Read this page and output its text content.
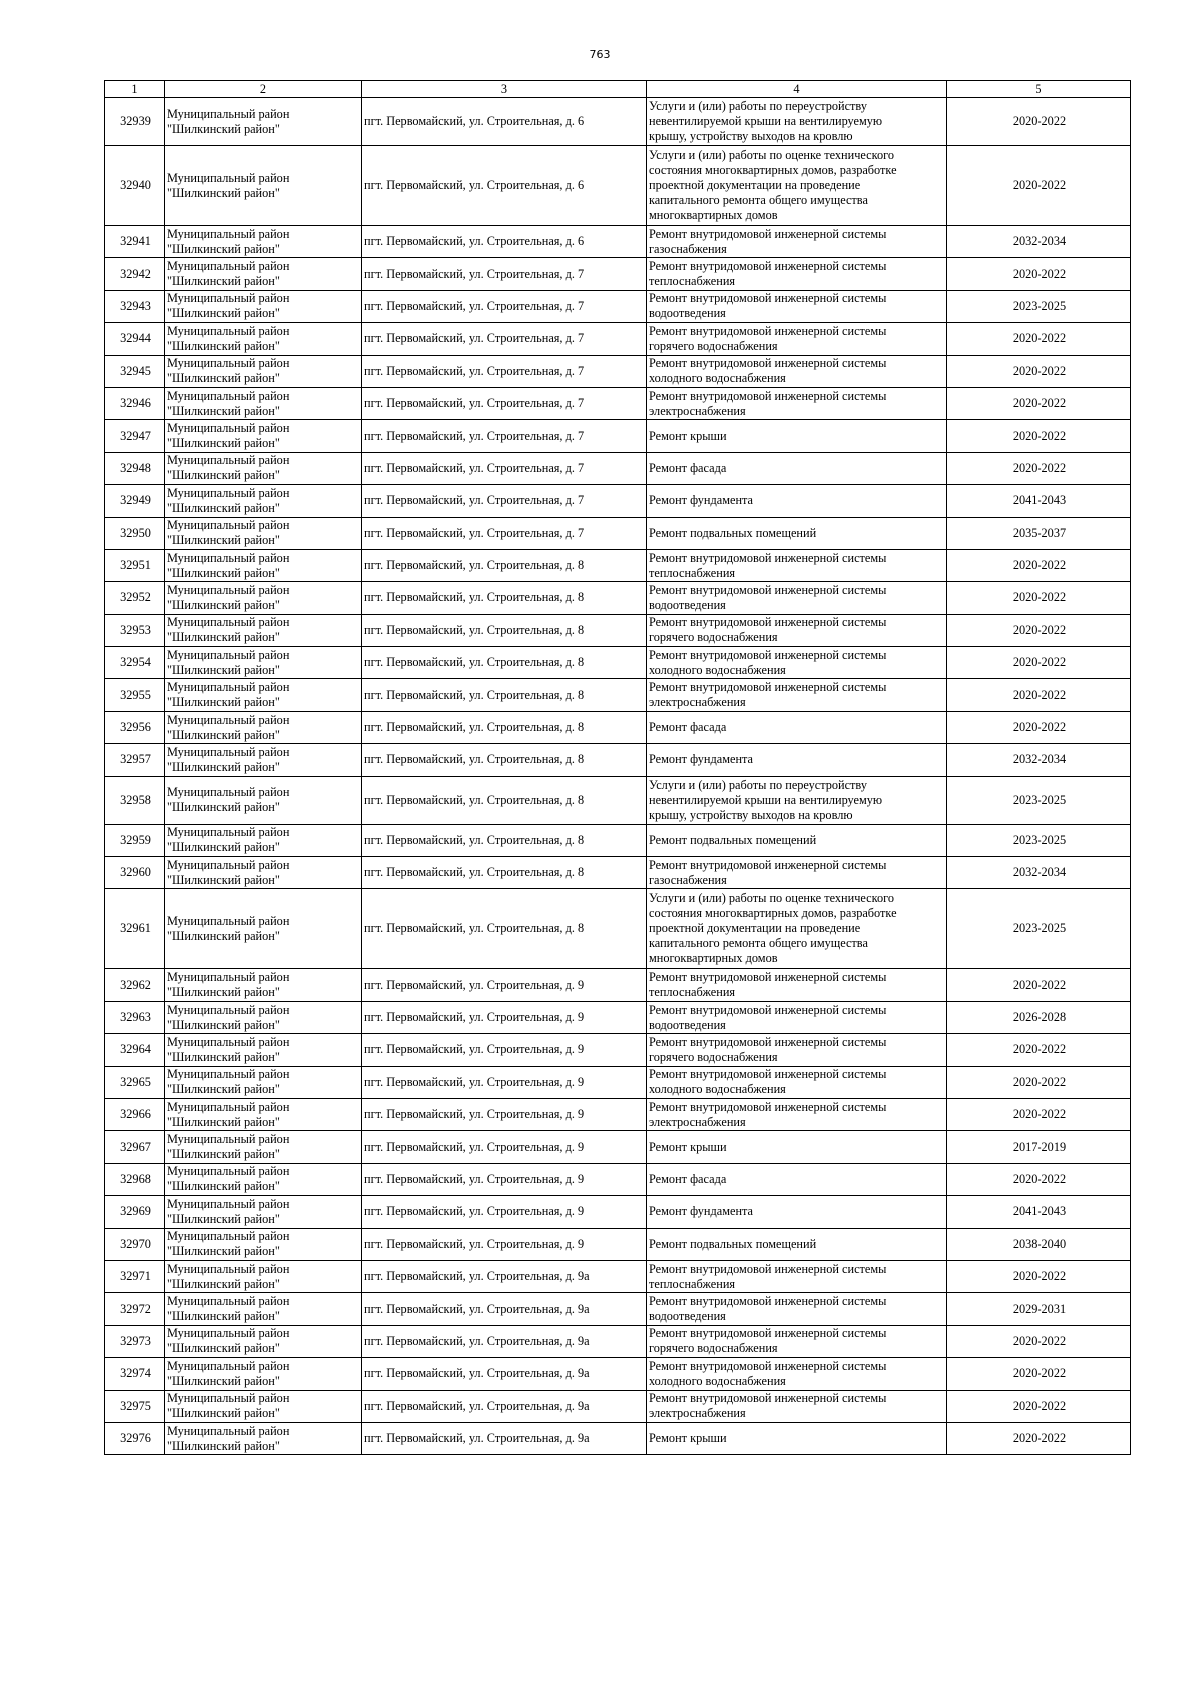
763
1	2	3	4	5
32939	Муниципальный район
"Шилкинский район"	пгт. Первомайский, ул. Строительная, д. 6	Услуги и (или) работы по переустройству
невентилируемой крыши на вентилируемую
крышу, устройству выходов на кровлю	2020-2022
32940	Муниципальный район
"Шилкинский район"	пгт. Первомайский, ул. Строительная, д. 6	Услуги и (или) работы по оценке технического
состояния многоквартирных домов, разработке
проектной документации на проведение
капитального ремонта общего имущества
многоквартирных домов	2020-2022
32941	Муниципальный район
"Шилкинский район"	пгт. Первомайский, ул. Строительная, д. 6	Ремонт внутридомовой инженерной системы
газоснабжения	2032-2034
32942	Муниципальный район
"Шилкинский район"	пгт. Первомайский, ул. Строительная, д. 7	Ремонт внутридомовой инженерной системы
теплоснабжения	2020-2022
32943	Муниципальный район
"Шилкинский район"	пгт. Первомайский, ул. Строительная, д. 7	Ремонт внутридомовой инженерной системы
водоотведения	2023-2025
32944	Муниципальный район
"Шилкинский район"	пгт. Первомайский, ул. Строительная, д. 7	Ремонт внутридомовой инженерной системы
горячего водоснабжения	2020-2022
32945	Муниципальный район
"Шилкинский район"	пгт. Первомайский, ул. Строительная, д. 7	Ремонт внутридомовой инженерной системы
холодного водоснабжения	2020-2022
32946	Муниципальный район
"Шилкинский район"	пгт. Первомайский, ул. Строительная, д. 7	Ремонт внутридомовой инженерной системы
электроснабжения	2020-2022
32947	Муниципальный район
"Шилкинский район"	пгт. Первомайский, ул. Строительная, д. 7	Ремонт крыши	2020-2022
32948	Муниципальный район
"Шилкинский район"	пгт. Первомайский, ул. Строительная, д. 7	Ремонт фасада	2020-2022
32949	Муниципальный район
"Шилкинский район"	пгт. Первомайский, ул. Строительная, д. 7	Ремонт фундамента	2041-2043
32950	Муниципальный район
"Шилкинский район"	пгт. Первомайский, ул. Строительная, д. 7	Ремонт подвальных помещений	2035-2037
32951	Муниципальный район
"Шилкинский район"	пгт. Первомайский, ул. Строительная, д. 8	Ремонт внутридомовой инженерной системы
теплоснабжения	2020-2022
32952	Муниципальный район
"Шилкинский район"	пгт. Первомайский, ул. Строительная, д. 8	Ремонт внутридомовой инженерной системы
водоотведения	2020-2022
32953	Муниципальный район
"Шилкинский район"	пгт. Первомайский, ул. Строительная, д. 8	Ремонт внутридомовой инженерной системы
горячего водоснабжения	2020-2022
32954	Муниципальный район
"Шилкинский район"	пгт. Первомайский, ул. Строительная, д. 8	Ремонт внутридомовой инженерной системы
холодного водоснабжения	2020-2022
32955	Муниципальный район
"Шилкинский район"	пгт. Первомайский, ул. Строительная, д. 8	Ремонт внутридомовой инженерной системы
электроснабжения	2020-2022
32956	Муниципальный район
"Шилкинский район"	пгт. Первомайский, ул. Строительная, д. 8	Ремонт фасада	2020-2022
32957	Муниципальный район
"Шилкинский район"	пгт. Первомайский, ул. Строительная, д. 8	Ремонт фундамента	2032-2034
32958	Муниципальный район
"Шилкинский район"	пгт. Первомайский, ул. Строительная, д. 8	Услуги и (или) работы по переустройству
невентилируемой крыши на вентилируемую
крышу, устройству выходов на кровлю	2023-2025
32959	Муниципальный район
"Шилкинский район"	пгт. Первомайский, ул. Строительная, д. 8	Ремонт подвальных помещений	2023-2025
32960	Муниципальный район
"Шилкинский район"	пгт. Первомайский, ул. Строительная, д. 8	Ремонт внутридомовой инженерной системы
газоснабжения	2032-2034
32961	Муниципальный район
"Шилкинский район"	пгт. Первомайский, ул. Строительная, д. 8	Услуги и (или) работы по оценке технического
состояния многоквартирных домов, разработке
проектной документации на проведение
капитального ремонта общего имущества
многоквартирных домов	2023-2025
32962	Муниципальный район
"Шилкинский район"	пгт. Первомайский, ул. Строительная, д. 9	Ремонт внутридомовой инженерной системы
теплоснабжения	2020-2022
32963	Муниципальный район
"Шилкинский район"	пгт. Первомайский, ул. Строительная, д. 9	Ремонт внутридомовой инженерной системы
водоотведения	2026-2028
32964	Муниципальный район
"Шилкинский район"	пгт. Первомайский, ул. Строительная, д. 9	Ремонт внутридомовой инженерной системы
горячего водоснабжения	2020-2022
32965	Муниципальный район
"Шилкинский район"	пгт. Первомайский, ул. Строительная, д. 9	Ремонт внутридомовой инженерной системы
холодного водоснабжения	2020-2022
32966	Муниципальный район
"Шилкинский район"	пгт. Первомайский, ул. Строительная, д. 9	Ремонт внутридомовой инженерной системы
электроснабжения	2020-2022
32967	Муниципальный район
"Шилкинский район"	пгт. Первомайский, ул. Строительная, д. 9	Ремонт крыши	2017-2019
32968	Муниципальный район
"Шилкинский район"	пгт. Первомайский, ул. Строительная, д. 9	Ремонт фасада	2020-2022
32969	Муниципальный район
"Шилкинский район"	пгт. Первомайский, ул. Строительная, д. 9	Ремонт фундамента	2041-2043
32970	Муниципальный район
"Шилкинский район"	пгт. Первомайский, ул. Строительная, д. 9	Ремонт подвальных помещений	2038-2040
32971	Муниципальный район
"Шилкинский район"	пгт. Первомайский, ул. Строительная, д. 9а	Ремонт внутридомовой инженерной системы
теплоснабжения	2020-2022
32972	Муниципальный район
"Шилкинский район"	пгт. Первомайский, ул. Строительная, д. 9а	Ремонт внутридомовой инженерной системы
водоотведения	2029-2031
32973	Муниципальный район
"Шилкинский район"	пгт. Первомайский, ул. Строительная, д. 9а	Ремонт внутридомовой инженерной системы
горячего водоснабжения	2020-2022
32974	Муниципальный район
"Шилкинский район"	пгт. Первомайский, ул. Строительная, д. 9а	Ремонт внутридомовой инженерной системы
холодного водоснабжения	2020-2022
32975	Муниципальный район
"Шилкинский район"	пгт. Первомайский, ул. Строительная, д. 9а	Ремонт внутридомовой инженерной системы
электроснабжения	2020-2022
32976	Муниципальный район
"Шилкинский район"	пгт. Первомайский, ул. Строительная, д. 9а	Ремонт крыши	2020-2022
